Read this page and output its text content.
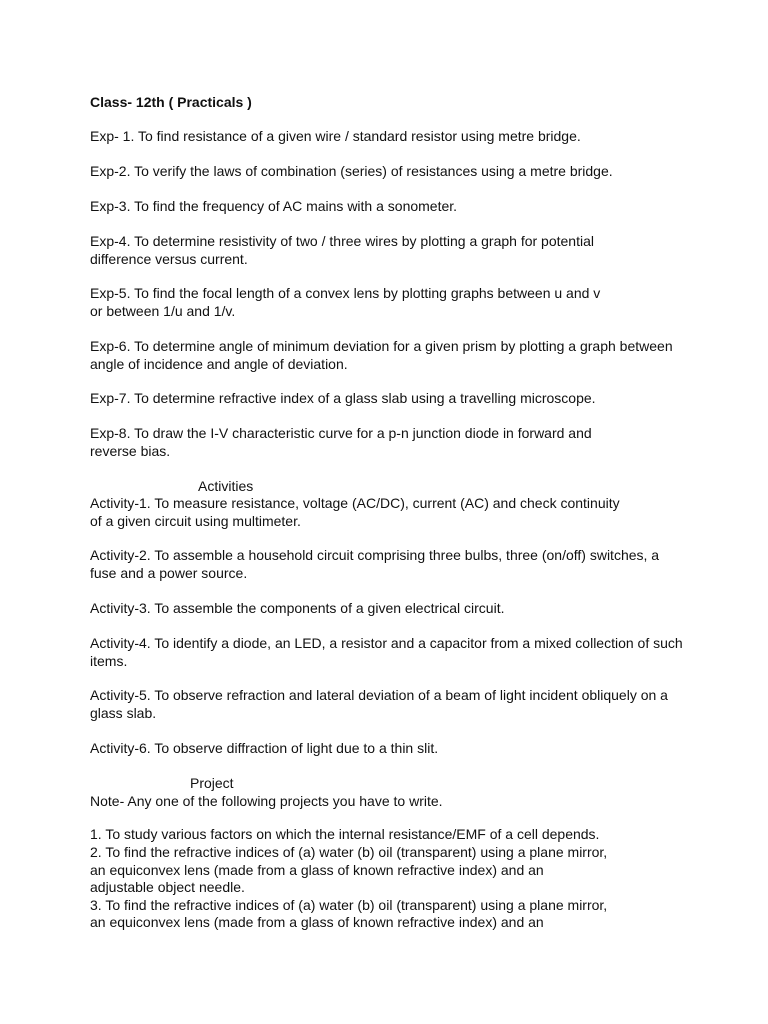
Class- 12th ( Practicals )
Exp- 1. To find resistance of a given wire / standard resistor using metre bridge.
Exp-2. To verify the laws of combination (series) of resistances using a metre bridge.
Exp-3. To find the frequency of AC mains with a sonometer.
Exp-4. To determine resistivity of two / three wires by plotting a graph for potential
difference versus current.
Exp-5. To find the focal length of a convex lens by plotting graphs between u and v
or between 1/u and 1/v.
Exp-6. To determine angle of minimum deviation for a given prism by plotting a graph between
angle of incidence and angle of deviation.
Exp-7. To determine refractive index of a glass slab using a travelling microscope.
Exp-8. To draw the I-V characteristic curve for a p-n junction diode in forward and
reverse bias.
Activities
Activity-1. To measure resistance, voltage (AC/DC), current (AC) and check continuity
of a given circuit using multimeter.
Activity-2. To assemble a household circuit comprising three bulbs, three (on/off) switches, a
fuse and a power source.
Activity-3. To assemble the components of a given electrical circuit.
Activity-4. To identify a diode, an LED, a resistor and a capacitor from a mixed collection of such
items.
Activity-5. To observe refraction and lateral deviation of a beam of light incident obliquely on a
glass slab.
Activity-6. To observe diffraction of light due to a thin slit.
Project
Note- Any one of the following projects you have to write.
1. To study various factors on which the internal resistance/EMF of a cell depends.
2. To find the refractive indices of (a) water (b) oil (transparent) using a plane mirror,
an equiconvex lens (made from a glass of known refractive index) and an
adjustable object needle.
3. To find the refractive indices of (a) water (b) oil (transparent) using a plane mirror,
an equiconvex lens (made from a glass of known refractive index) and an
